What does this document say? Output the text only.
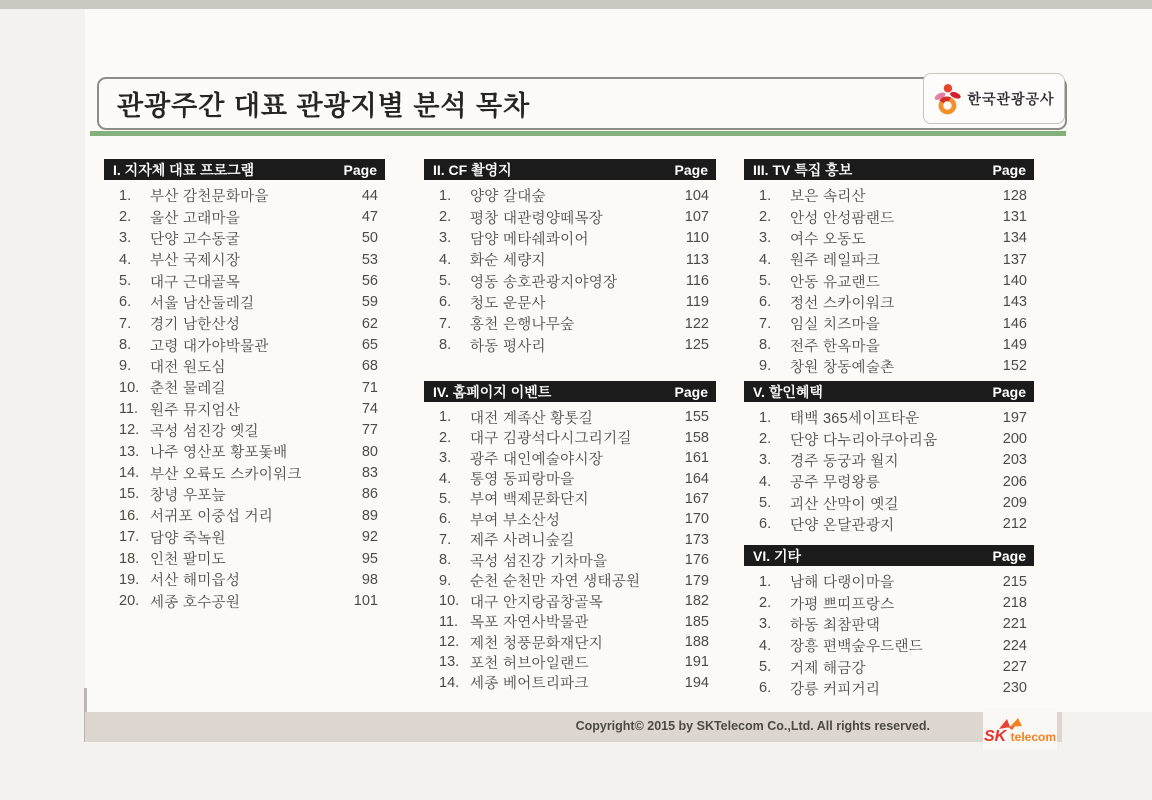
관광주간 대표 관광지별 분석 목차	한국관광공사
I. 지자체 대표 프로그램	Page
1.	부산 감천문화마을	44
2.	울산 고래마을	47
3.	단양 고수동굴	50
4.	부산 국제시장	53
5.	대구 근대골목	56
6.	서울 남산둘레길	59
7.	경기 남한산성	62
8.	고령 대가야박물관	65
9.	대전 원도심	68
10. 춘천 물레길	71
11. 원주 뮤지엄산	74
12. 곡성 섬진강 옛길	77
13. 나주 영산포 황포돛배	80
14. 부산 오륙도 스카이워크	83
15. 창녕 우포늪	86
16. 서귀포 이중섭 거리	89
17. 담양 죽녹원	92
18. 인천 팔미도	95
19. 서산 해미읍성	98
20. 세종 호수공원	101
II. CF 촬영지	Page
1.	양양 갈대숲	104
2.	평창 대관령양떼목장	107
3.	담양 메타쉐콰이어	110
4.	화순 세량지	113
5.	영동 송호관광지야영장	116
6.	청도 운문사	119
7.	홍천 은행나무숲	122
8.	하동 평사리	125
III. TV 특집 홍보	Page
1.	보은 속리산	128
2.	안성 안성팜랜드	131
3.	여수 오동도	134
4.	원주 레일파크	137
5.	안동 유교랜드	140
6.	정선 스카이워크	143
7.	임실 치즈마을	146
8.	전주 한옥마을	149
9.	창원 창동예술촌	152
IV. 홈페이지 이벤트	Page
1.	대전 계족산 황톳길	155
2.	대구 김광석다시그리기길	158
3.	광주 대인예술야시장	161
4.	통영 동피랑마을	164
5.	부여 백제문화단지	167
6.	부여 부소산성	170
7.	제주 사려니숲길	173
8.	곡성 섬진강 기차마을	176
9.	순천 순천만 자연 생태공원	179
10. 대구 안지랑곱창골목	182
11. 목포 자연사박물관	185
12. 제천 청풍문화재단지	188
13. 포천 허브아일랜드	191
14. 세종 베어트리파크	194
V. 할인혜택	Page
1.	태백 365세이프타운	197
2.	단양 다누리아쿠아리움	200
3.	경주 동궁과 월지	203
4.	공주 무령왕릉	206
5.	괴산 산막이 옛길	209
6.	단양 온달관광지	212
VI. 기타	Page
1.	남해 다랭이마을	215
2.	가평 쁘띠프랑스	218
3.	하동 최참판댁	221
4.	장흥 편백숲우드랜드	224
5.	거제 해금강	227
6.	강릉 커피거리	230
Copyright© 2015 by SKTelecom Co.,Ltd. All rights reserved.
SK telecom
